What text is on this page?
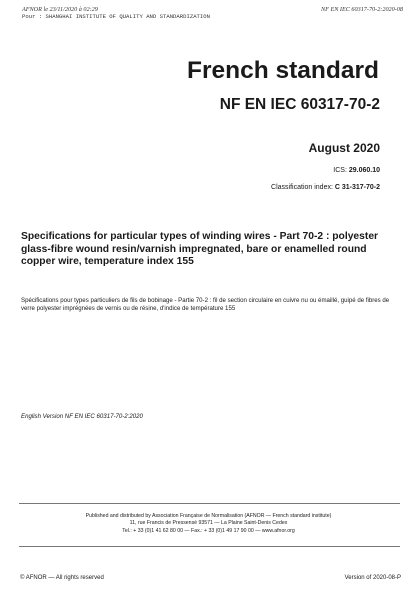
AFNOR le 23/11/2020 à 02:29
Pour : SHANGHAI INSTITUTE OF QUALITY AND STANDARDIZATION
NF EN IEC 60317-70-2:2020-08
French standard
NF EN IEC 60317-70-2
August 2020
ICS: 29.060.10
Classification index: C 31-317-70-2
Specifications for particular types of winding wires - Part 70-2 : polyester glass-fibre wound resin/varnish impregnated, bare or enamelled round copper wire, temperature index 155
Spécifications pour types particuliers de fils de bobinage - Partie 70-2 : fil de section circulaire en cuivre nu ou émaillé, guipé de fibres de verre polyester imprégnées de vernis ou de résine, d'indice de température 155
English Version NF EN IEC 60317-70-2:2020
Published and distributed by Association Française de Normalisation (AFNOR — French standard institute)
11, rue Francis de Pressensé 93571 — La Plaine Saint-Denis Cedex
Tel.: + 33 (0)1 41 62 80 00 — Fax.: + 33 (0)1 49 17 90 00 — www.afnor.org
© AFNOR — All rights reserved	Version of 2020-08-P
